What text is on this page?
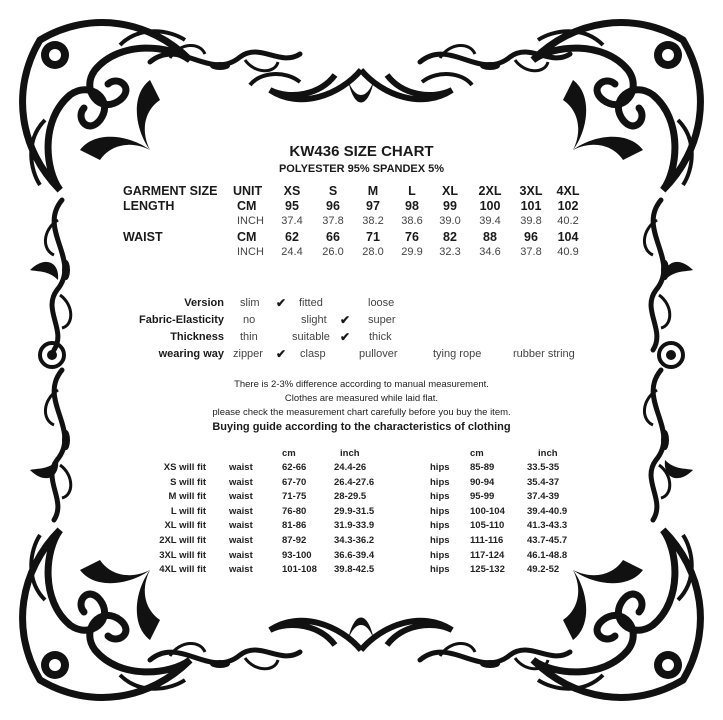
KW436 SIZE CHART
POLYESTER 95% SPANDEX 5%
GARMENT SIZE UNIT XS S M L XL 2XL 3XL 4XL
LENGTH	CM 95 96 97 98 99 100 101 102
INCH 37.4 37.8 38.2 38.6 39.0 39.4 39.8 40.2
WAIST	CM 62 66 71 76 82 88 96 104
INCH 24.4 26.0 28.0 29.9 32.3 34.6 37.8 40.9
Version slim ✔ fitted	loose
Fabric-Elasticity no	slight ✔ super
Thickness thin	suitable ✔ thick
wearing way zipper ✔ clasp	pullover	tying rope	rubber string
There is 2-3% difference according to manual measurement.
Clothes are measured while laid flat.
please check the measurement chart carefully before you buy the item.
Buying guide according to the characteristics of clothing
cm	inch	cm	inch
XS will fit waist	62-66	24.4-26	hips 85-89	33.5-35
S will fit waist	67-70	26.4-27.6	hips 90-94	35.4-37
M will fit waist	71-75	28-29.5	hips 95-99	37.4-39
L will fit waist	76-80	29.9-31.5	hips 100-104 39.4-40.9
XL will fit waist	81-86	31.9-33.9	hips 105-110 41.3-43.3
2XL will fit waist	87-92	34.3-36.2	hips 111-116 43.7-45.7
3XL will fit waist	93-100 36.6-39.4	hips 117-124 46.1-48.8
4XL will fit waist	101-108 39.8-42.5	hips 125-132 49.2-52
